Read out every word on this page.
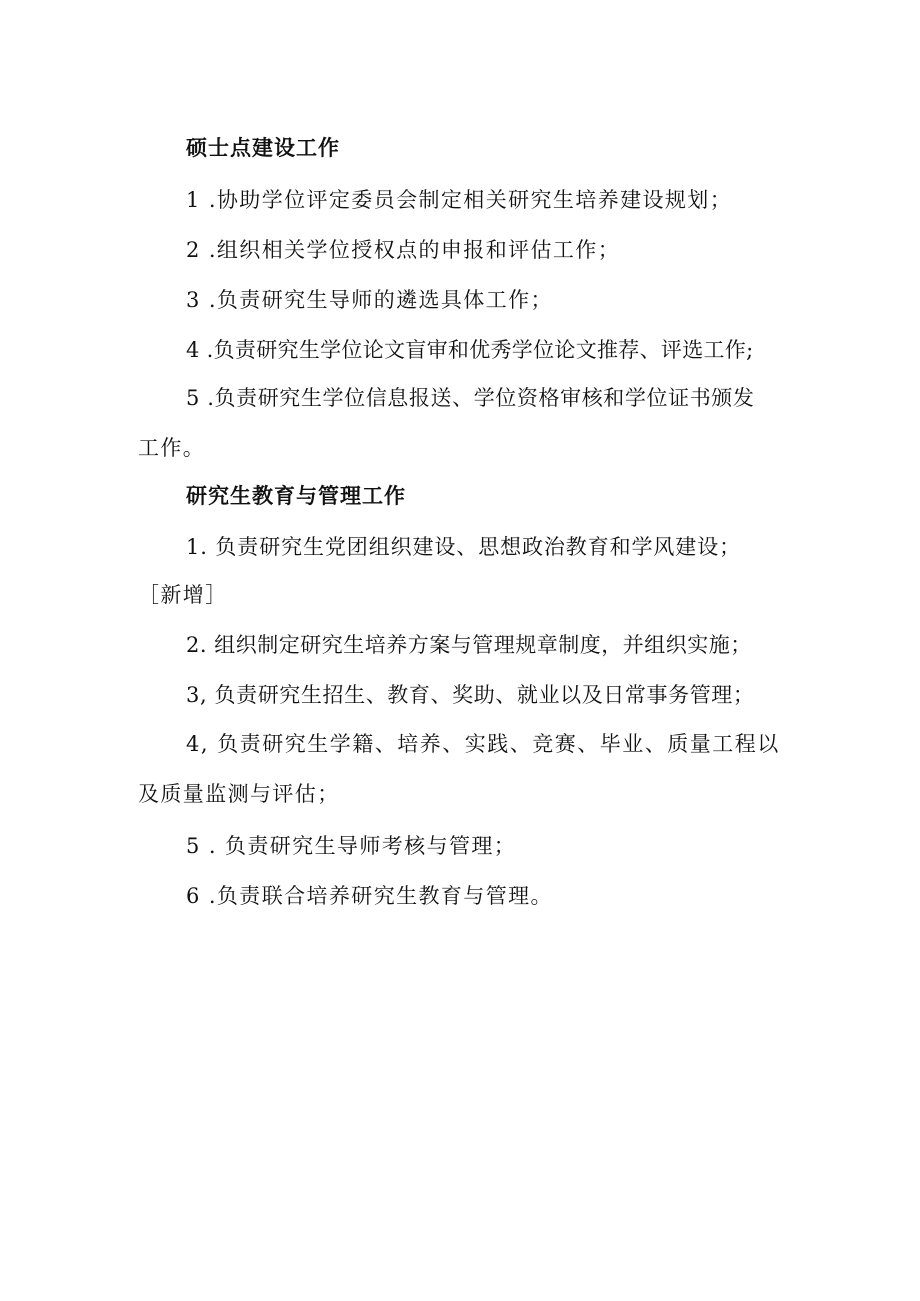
硕士点建设工作

1 .协助学位评定委员会制定相关研究生培养建设规划；

2 .组织相关学位授权点的申报和评估工作；

3 .负责研究生导师的遴选具体工作；

4 .负责研究生学位论文盲审和优秀学位论文推荐、评选工作;

5 .负责研究生学位信息报送、学位资格审核和学位证书颁发

工作。

研究生教育与管理工作

1. 负责研究生党团组织建设、思想政治教育和学风建设；

［新增］

2. 组织制定研究生培养方案与管理规章制度，并组织实施；

3, 负责研究生招生、教育、奖助、就业以及日常事务管理；

4, 负责研究生学籍、培养、实践、竞赛、毕业、质量工程以

及质量监测与评估；

5 . 负责研究生导师考核与管理；

6 .负责联合培养研究生教育与管理。
